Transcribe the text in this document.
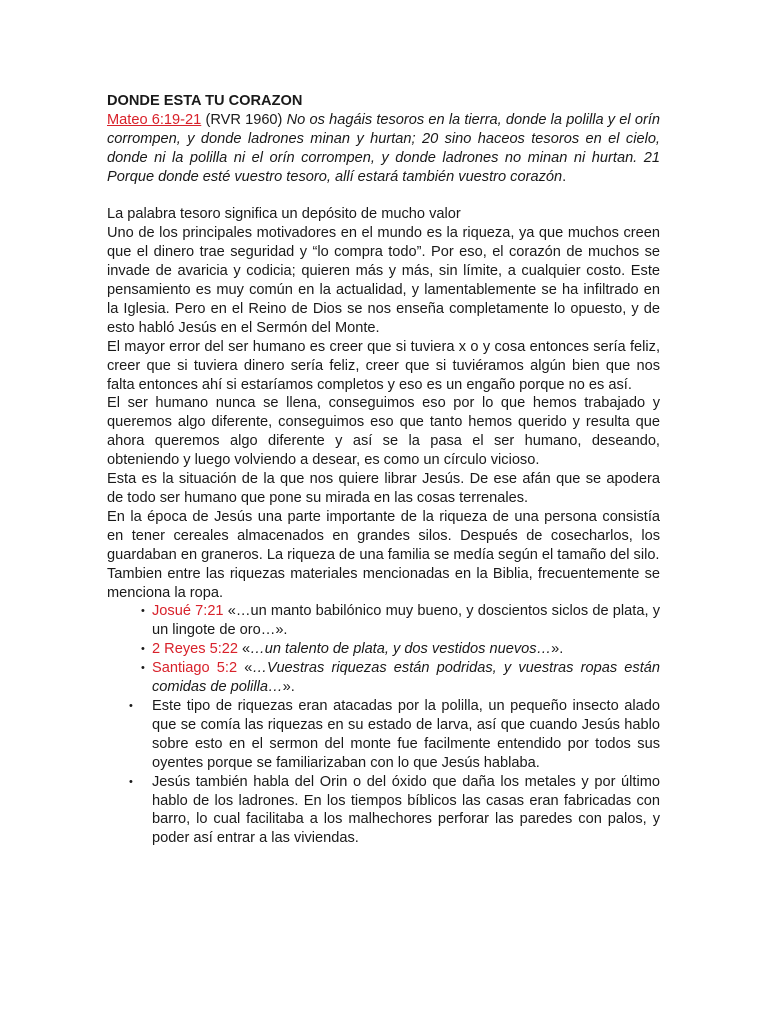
DONDE ESTA TU CORAZON

Mateo 6:19-21 (RVR 1960) No os hagáis tesoros en la tierra, donde la polilla y el orín corrompen, y donde ladrones minan y hurtan; 20 sino haceos tesoros en el cielo, donde ni la polilla ni el orín corrompen, y donde ladrones no minan ni hurtan. 21 Porque donde esté vuestro tesoro, allí estará también vuestro corazón.

La palabra tesoro significa un depósito de mucho valor

Uno de los principales motivadores en el mundo es la riqueza, ya que muchos creen que el dinero trae seguridad y “lo compra todo”. Por eso, el corazón de muchos se invade de avaricia y codicia; quieren más y más, sin límite, a cualquier costo. Este pensamiento es muy común en la actualidad, y lamentablemente se ha infiltrado en la Iglesia. Pero en el Reino de Dios se nos enseña completamente lo opuesto, y de esto habló Jesús en el Sermón del Monte.

El mayor error del ser humano es creer que si tuviera x o y cosa entonces sería feliz, creer que si tuviera dinero sería feliz, creer que si tuviéramos algún bien que nos falta entonces ahí si estaríamos completos y eso es un engaño porque no es así.

El ser humano nunca se llena, conseguimos eso por lo que hemos trabajado y queremos algo diferente, conseguimos eso que tanto hemos querido y resulta que ahora queremos algo diferente y así se la pasa el ser humano, deseando, obteniendo y luego volviendo a desear, es como un círculo vicioso.

Esta es la situación de la que nos quiere librar Jesús. De ese afán que se apodera de todo ser humano que pone su mirada en las cosas terrenales.

En la época de Jesús una parte importante de la riqueza de una persona consistía en tener cereales almacenados en grandes silos. Después de cosecharlos, los guardaban en graneros. La riqueza de una familia se medía según el tamaño del silo.

Tambien entre las riquezas materiales mencionadas en la Biblia, frecuentemente se menciona la ropa.

• Josué 7:21 «…un manto babilónico muy bueno, y doscientos siclos de plata, y un lingote de oro…».
• 2 Reyes 5:22 «…un talento de plata, y dos vestidos nuevos…».
• Santiago 5:2 «…Vuestras riquezas están podridas, y vuestras ropas están comidas de polilla…».
• Este tipo de riquezas eran atacadas por la polilla, un pequeño insecto alado que se comía las riquezas en su estado de larva, así que cuando Jesús hablo sobre esto en el sermon del monte fue facilmente entendido por todos sus oyentes porque se familiarizaban con lo que Jesús hablaba.
• Jesús también habla del Orin o del óxido que daña los metales y por último hablo de los ladrones. En los tiempos bíblicos las casas eran fabricadas con barro, lo cual facilitaba a los malhechores perforar las paredes con palos, y poder así entrar a las viviendas.
